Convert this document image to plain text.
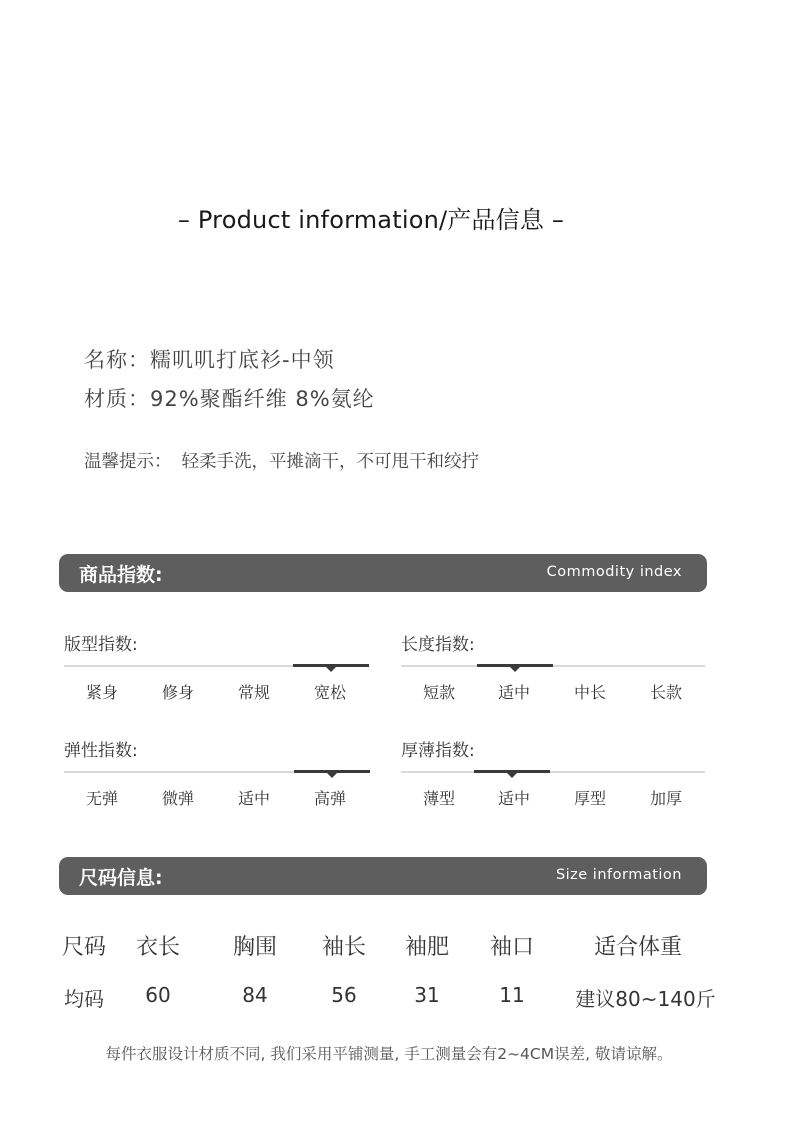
– Product information/产品信息 –
名称：糯叽叽打底衫-中领
材质：92%聚酯纤维 8%氨纶
温馨提示： 轻柔手洗，平摊滴干，不可甩干和绞拧
商品指数:	Commodity index
版型指数:
紧身	修身	常规	宽松
长度指数:
短款	适中	中长	长款
弹性指数:
无弹	微弹	适中	高弹
厚薄指数:
薄型	适中	厚型	加厚
尺码信息:	Size information
尺码	衣长	胸围	袖长	袖肥	袖口	适合体重
均码	60	84	56	31	11	建议80~140斤
每件衣服设计材质不同, 我们采用平铺测量, 手工测量会有2~4CM误差, 敬请谅解。
